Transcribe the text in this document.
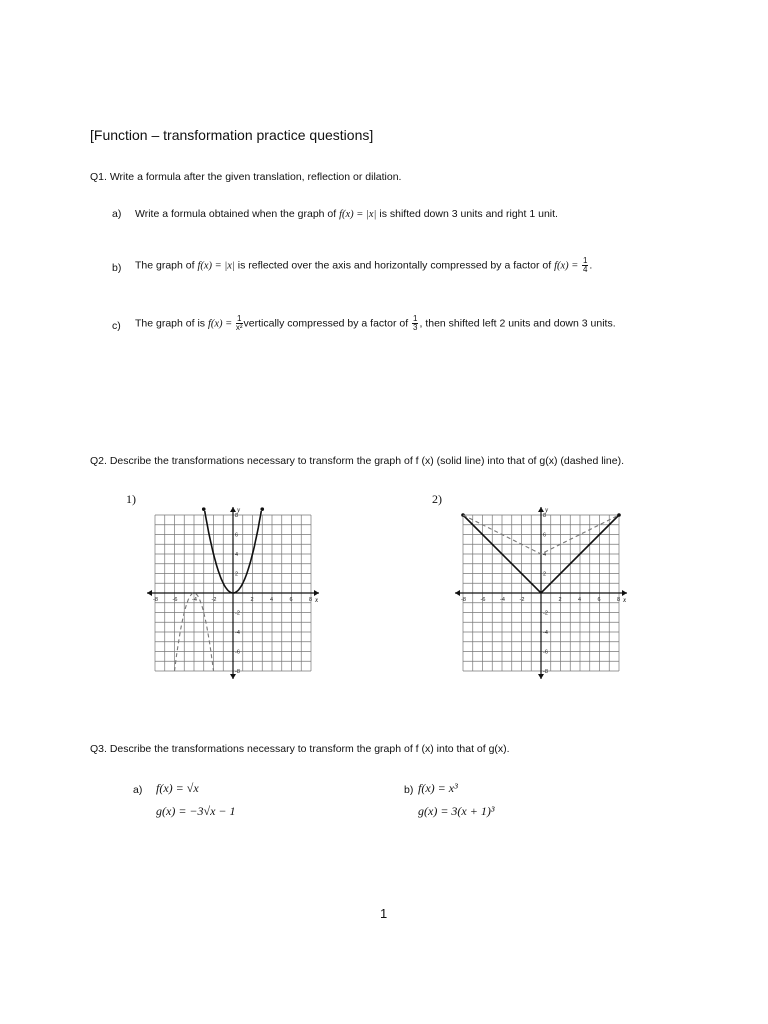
[Function – transformation practice questions]
Q1. Write a formula after the given translation, reflection or dilation.
a) Write a formula obtained when the graph of f(x) = |x| is shifted down 3 units and right 1 unit.
b) The graph of f(x) = |x| is reflected over the axis and horizontally compressed by a factor of $f(x) = \frac{1}{4}$ .
c) The graph of is $f(x) = \frac{1}{\text{x²}}$ vertically compressed by a factor of $\frac{1}{3}$ , then shifted left 2 units and down 3 units.
Q2. Describe the transformations necessary to transform the graph of f (x) (solid line) into that of g(x) (dashed line).
1)	2)
x
y
-8	-6	-4	-2	2	4	6	8
8
6
4
2
-2
-4
-6
-8
x
y
-8	-6	-4	-2	2	4	6	8
8
6
4
2
-2
-4
-6
-8
Q3. Describe the transformations necessary to transform the graph of f (x) into that of g(x).
a) f(x) = √x
g(x) = −3√x − 1
b) f(x) = x³
g(x) = 3(x + 1)³
1
